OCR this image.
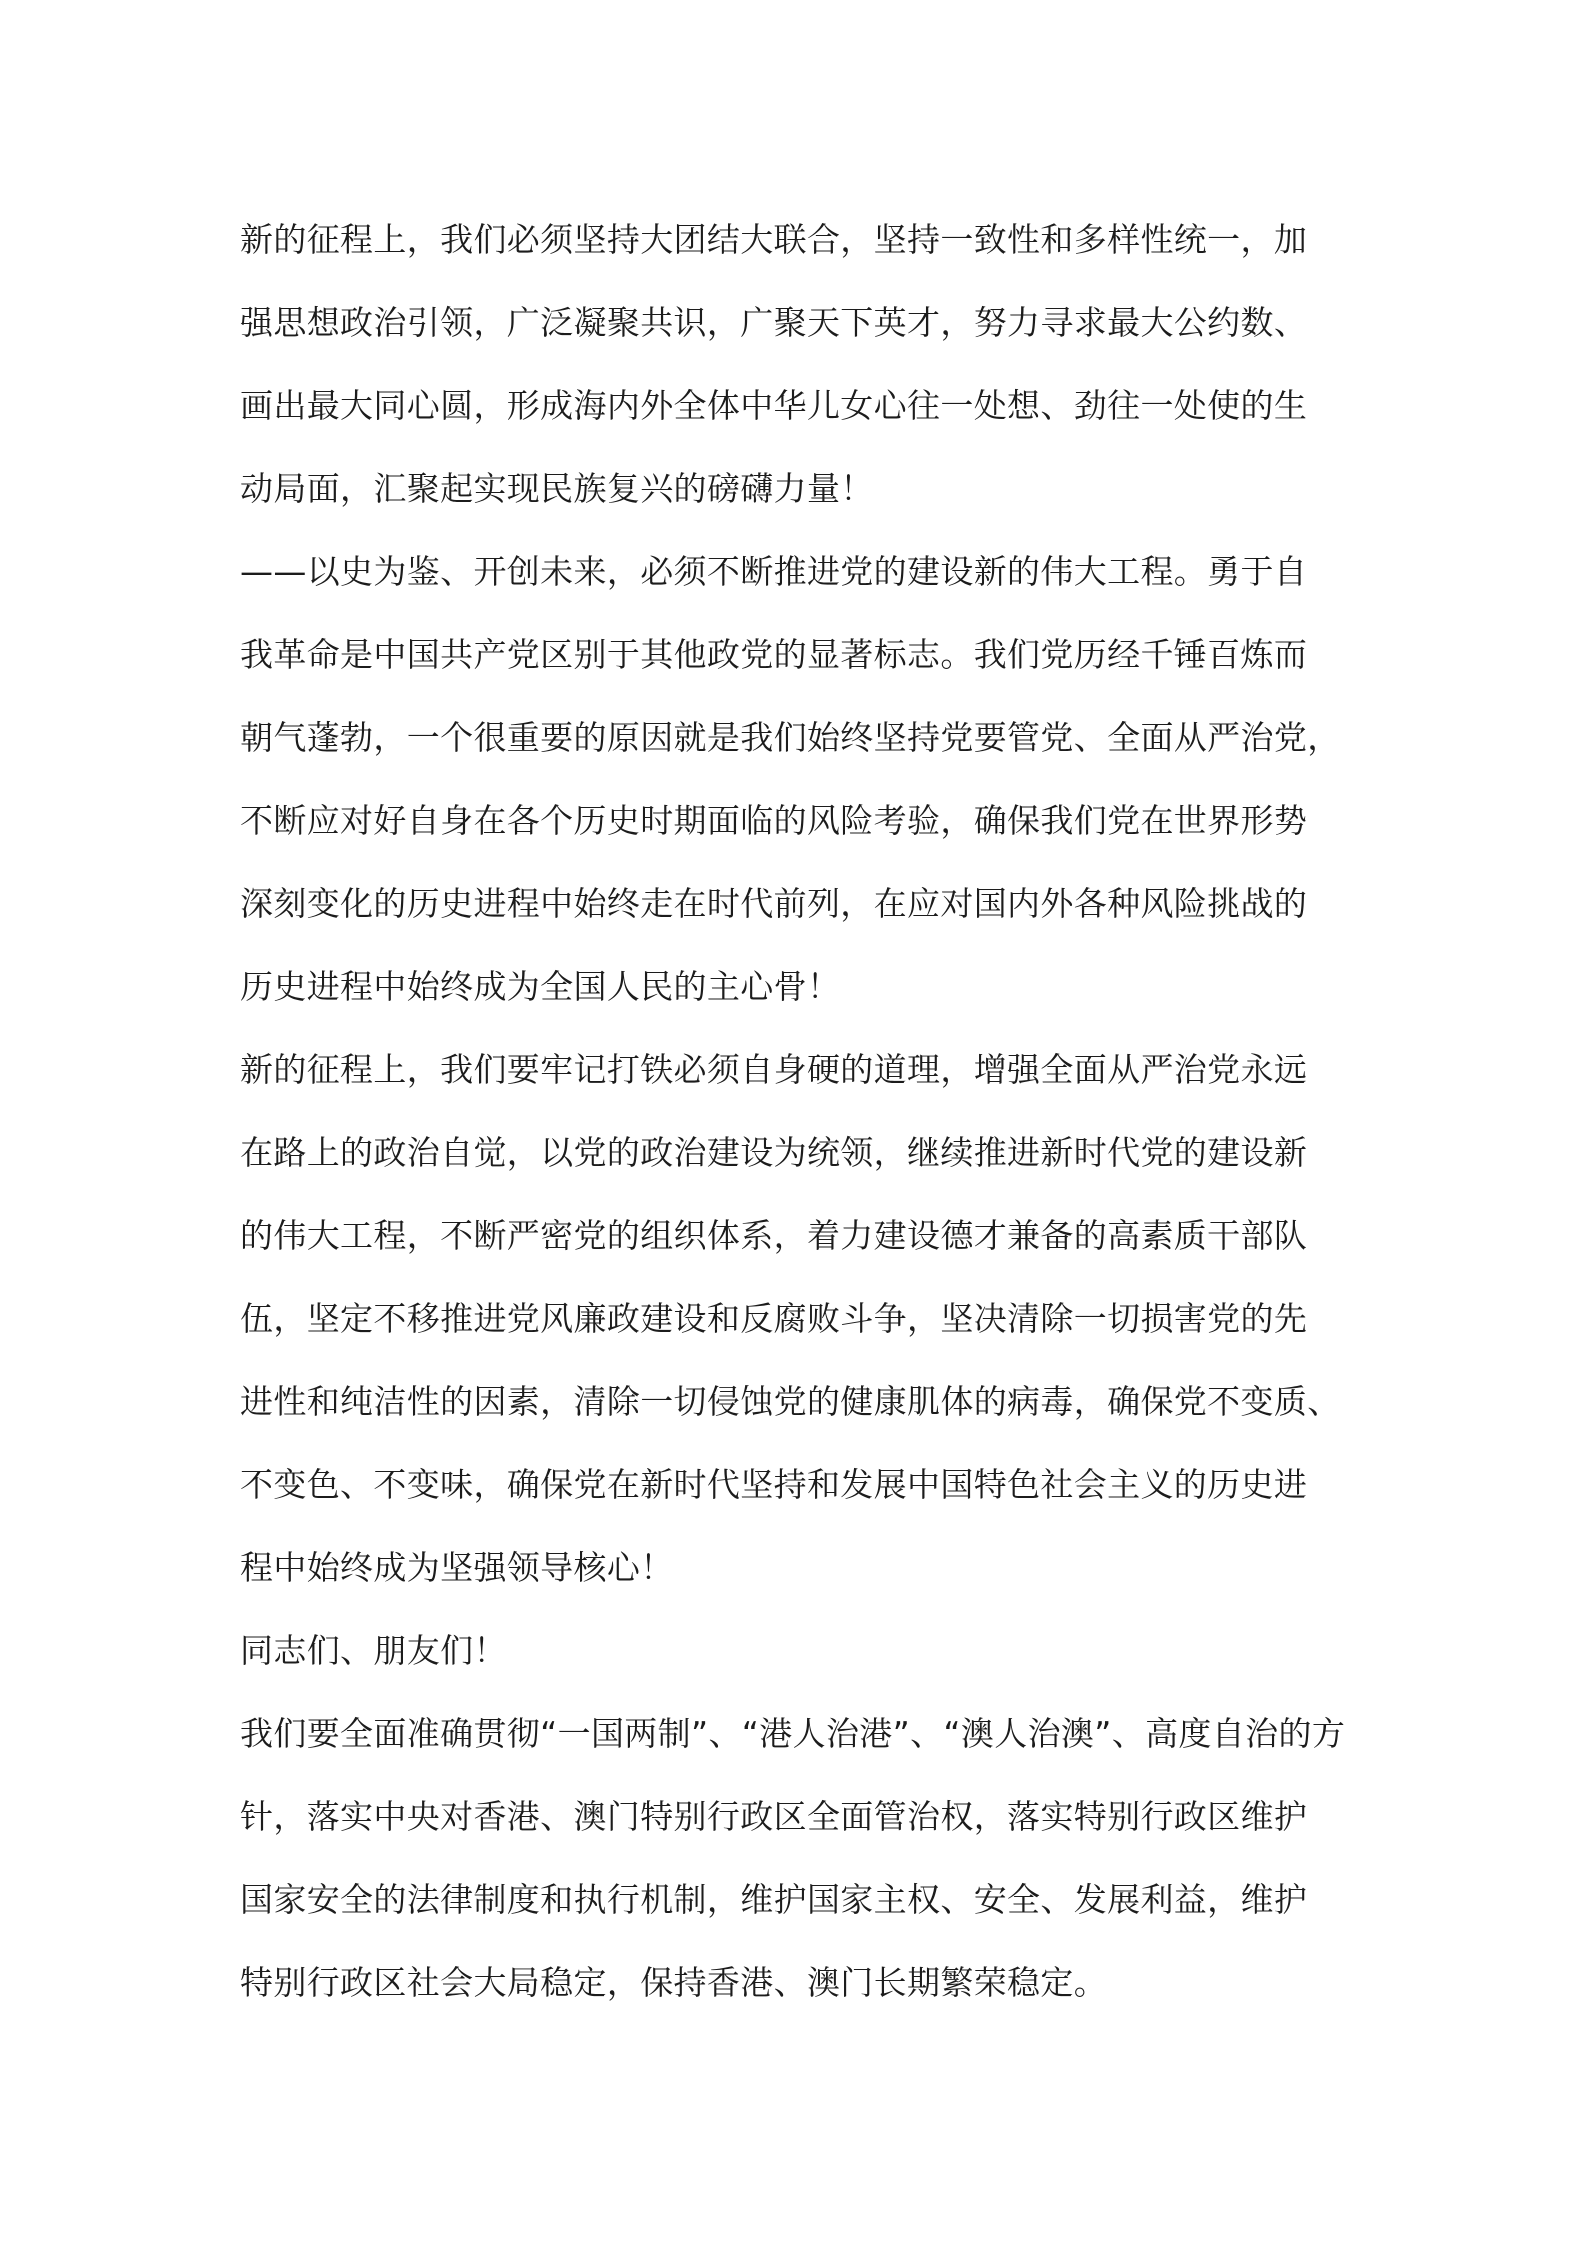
新的征程上，我们必须坚持大团结大联合，坚持一致性和多样性统一，加
强思想政治引领，广泛凝聚共识，广聚天下英才，努力寻求最大公约数、
画出最大同心圆，形成海内外全体中华儿女心往一处想、劲往一处使的生
动局面，汇聚起实现民族复兴的磅礴力量！
——以史为鉴、开创未来，必须不断推进党的建设新的伟大工程。勇于自
我革命是中国共产党区别于其他政党的显著标志。我们党历经千锤百炼而
朝气蓬勃，一个很重要的原因就是我们始终坚持党要管党、全面从严治党，
不断应对好自身在各个历史时期面临的风险考验，确保我们党在世界形势
深刻变化的历史进程中始终走在时代前列，在应对国内外各种风险挑战的
历史进程中始终成为全国人民的主心骨！
新的征程上，我们要牢记打铁必须自身硬的道理，增强全面从严治党永远
在路上的政治自觉，以党的政治建设为统领，继续推进新时代党的建设新
的伟大工程，不断严密党的组织体系，着力建设德才兼备的高素质干部队
伍，坚定不移推进党风廉政建设和反腐败斗争，坚决清除一切损害党的先
进性和纯洁性的因素，清除一切侵蚀党的健康肌体的病毒，确保党不变质、
不变色、不变味，确保党在新时代坚持和发展中国特色社会主义的历史进
程中始终成为坚强领导核心！
同志们、朋友们！
我们要全面准确贯彻“一国两制”、“港人治港”、“澳人治澳”、高度自治的方
针，落实中央对香港、澳门特别行政区全面管治权，落实特别行政区维护
国家安全的法律制度和执行机制，维护国家主权、安全、发展利益，维护
特别行政区社会大局稳定，保持香港、澳门长期繁荣稳定。
